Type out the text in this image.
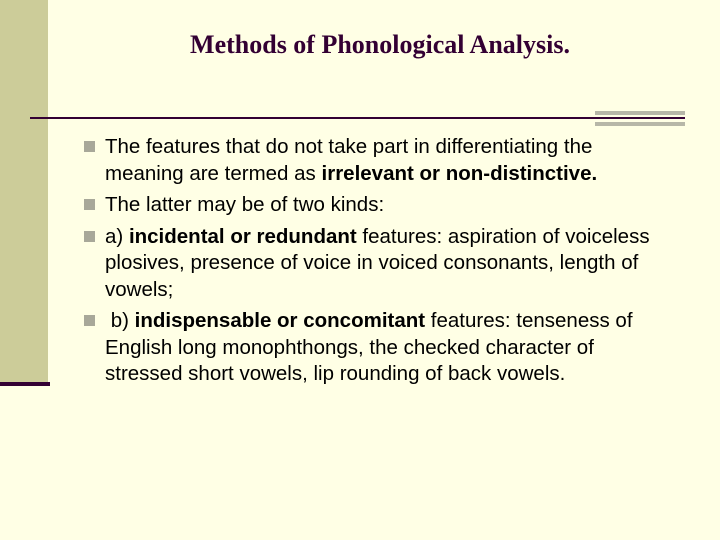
Methods of Phonological Analysis.
The features that do not take part in differentiating the meaning are termed as irrelevant or non-distinctive.
The latter may be of two kinds:
a) incidental or redundant features: aspiration of voiceless plosives, presence of voice in voiced consonants, length of vowels;
b) indispensable or concomitant features: tenseness of English long monophthongs, the checked character of stressed short vowels, lip rounding of back vowels.
